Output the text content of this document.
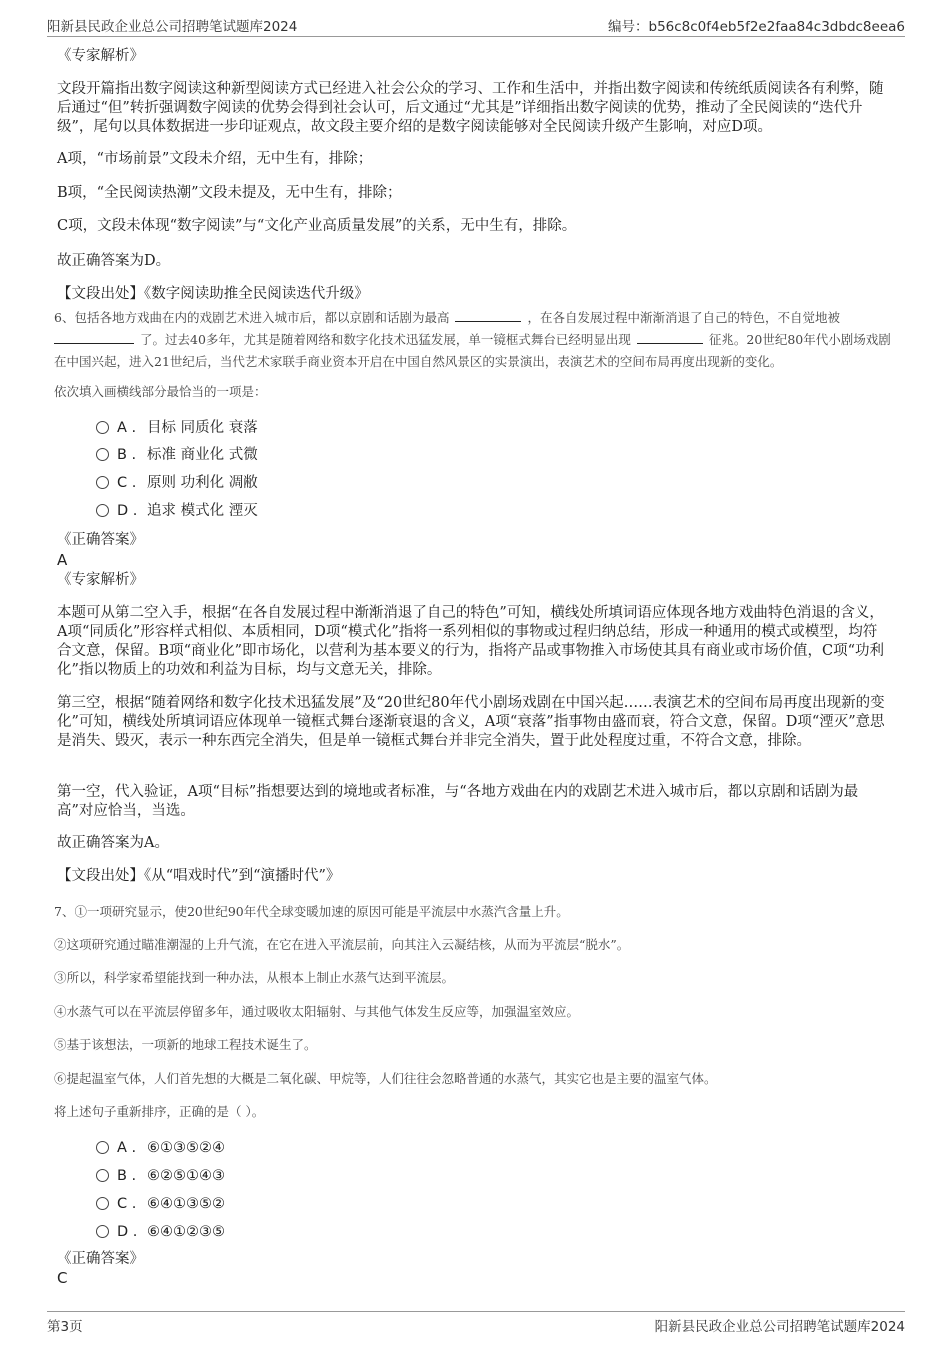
阳新县民政企业总公司招聘笔试题库2024	编号：b56c8c0f4eb5f2e2faa84c3dbdc8eea6
《专家解析》

文段开篇指出数字阅读这种新型阅读方式已经进入社会公众的学习、工作和生活中，并指出数字阅读和传统纸质阅读各有利弊，随后通过“但”转折强调数字阅读的优势会得到社会认可，后文通过“尤其是”详细指出数字阅读的优势，推动了全民阅读的“迭代升级”，尾句以具体数据进一步印证观点，故文段主要介绍的是数字阅读能够对全民阅读升级产生影响，对应D项。

A项，“市场前景”文段未介绍，无中生有，排除；

B项，“全民阅读热潮”文段未提及，无中生有，排除；

C项，文段未体现“数字阅读”与“文化产业高质量发展”的关系，无中生有，排除。

故正确答案为D。

【文段出处】《数字阅读助推全民阅读迭代升级》

6、包括各地方戏曲在内的戏剧艺术进入城市后，都以京剧和话剧为最高	，在各自发展过程中渐渐消退了自己的特色，不自觉地被了。过去40多年，尤其是随着网络和数字化技术迅猛发展，单一镜框式舞台已经明显出现	征兆。20世纪80年代小剧场戏剧在中国兴起，进入21世纪后，当代艺术家联手商业资本开启在中国自然风景区的实景演出，表演艺术的空间布局再度出现新的变化。

依次填入画横线部分最恰当的一项是：

A . 目标 同质化 衰落
B . 标准 商业化 式微
C . 原则 功利化 凋敝
D . 追求 模式化 湮灭
《正确答案》
A
《专家解析》

本题可从第二空入手，根据“在各自发展过程中渐渐消退了自己的特色”可知，横线处所填词语应体现各地方戏曲特色消退的含义，A项“同质化”形容样式相似、本质相同，D项“模式化”指将一系列相似的事物或过程归纳总结，形成一种通用的模式或模型，均符合文意，保留。B项“商业化”即市场化，以营利为基本要义的行为，指将产品或事物推入市场使其具有商业或市场价值，C项“功利化”指以物质上的功效和利益为目标，均与文意无关，排除。

第三空，根据“随着网络和数字化技术迅猛发展”及“20世纪80年代小剧场戏剧在中国兴起……表演艺术的空间布局再度出现新的变化”可知，横线处所填词语应体现单一镜框式舞台逐渐衰退的含义，A项“衰落”指事物由盛而衰，符合文意，保留。D项“湮灭”意思是消失、毁灭，表示一种东西完全消失，但是单一镜框式舞台并非完全消失，置于此处程度过重，不符合文意，排除。

第一空，代入验证，A项“目标”指想要达到的境地或者标准，与“各地方戏曲在内的戏剧艺术进入城市后，都以京剧和话剧为最高”对应恰当，当选。

故正确答案为A。

【文段出处】《从“唱戏时代”到“演播时代”》

7、①一项研究显示，使20世纪90年代全球变暖加速的原因可能是平流层中水蒸汽含量上升。

②这项研究通过瞄准潮湿的上升气流，在它在进入平流层前，向其注入云凝结核，从而为平流层“脱水”。

③所以，科学家希望能找到一种办法，从根本上制止水蒸气达到平流层。

④水蒸气可以在平流层停留多年，通过吸收太阳辐射、与其他气体发生反应等，加强温室效应。

⑤基于该想法，一项新的地球工程技术诞生了。

⑥提起温室气体，人们首先想的大概是二氧化碳、甲烷等，人们往往会忽略普通的水蒸气，其实它也是主要的温室气体。

将上述句子重新排序，正确的是（ ）。

A . ⑥①③⑤②④
B . ⑥②⑤①④③
C . ⑥④①③⑤②
D . ⑥④①②③⑤
《正确答案》
C
第3页	阳新县民政企业总公司招聘笔试题库2024
